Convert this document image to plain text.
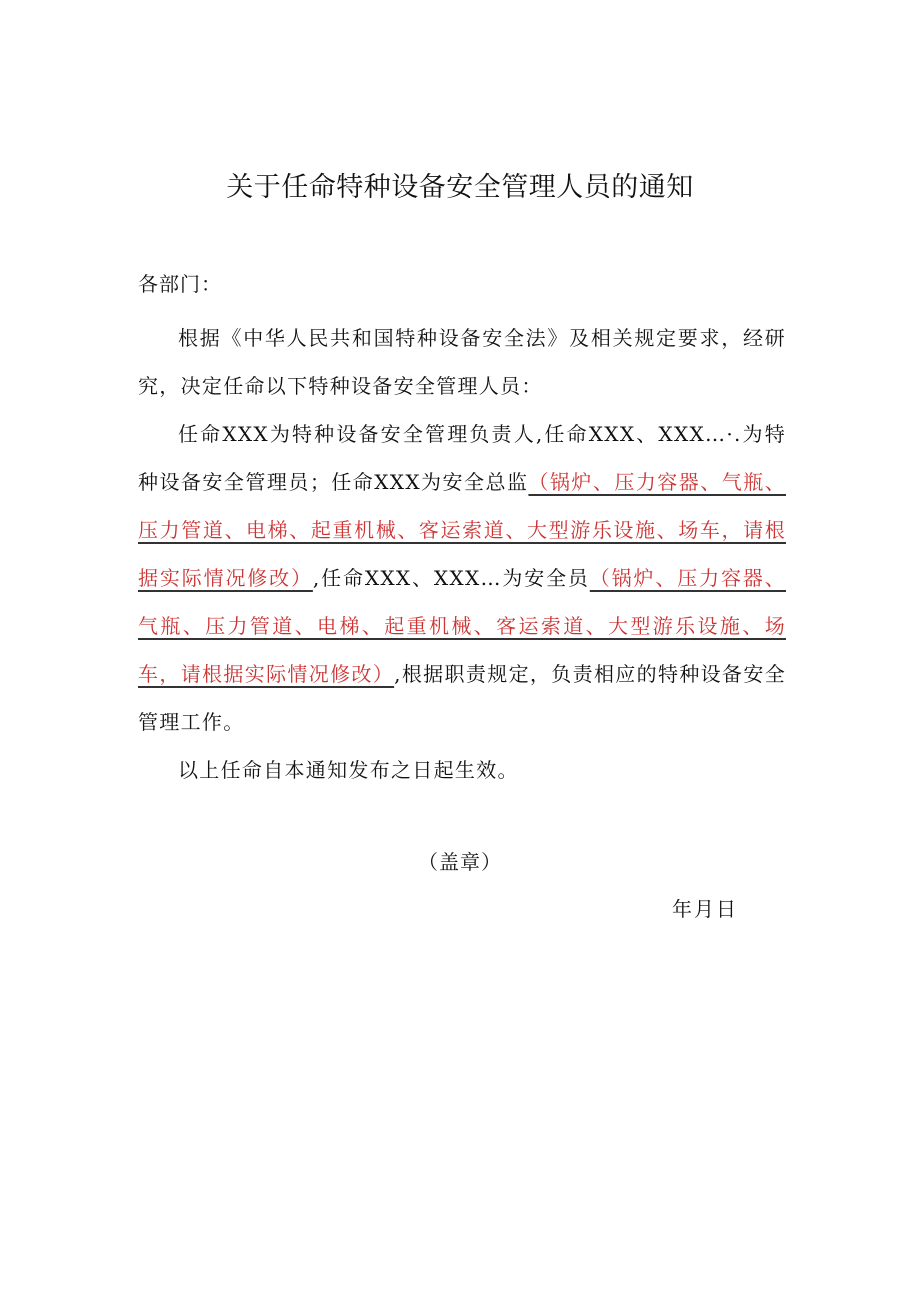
关于任命特种设备安全管理人员的通知
各部门：

根据《中华人民共和国特种设备安全法》及相关规定要求，经研究，决定任命以下特种设备安全管理人员：

任命XXX为特种设备安全管理负责人,任命XXX、XXX…·.为特种设备安全管理员；任命XXX为安全总监（锅炉、压力容器、气瓶、压力管道、电梯、起重机械、客运索道、大型游乐设施、场车，请根据实际情况修改）,任命XXX、XXX…为安全员（锅炉、压力容器、气瓶、压力管道、电梯、起重机械、客运索道、大型游乐设施、场车，请根据实际情况修改）,根据职责规定，负责相应的特种设备安全管理工作。

以上任命自本通知发布之日起生效。

（盖章）
年月日
